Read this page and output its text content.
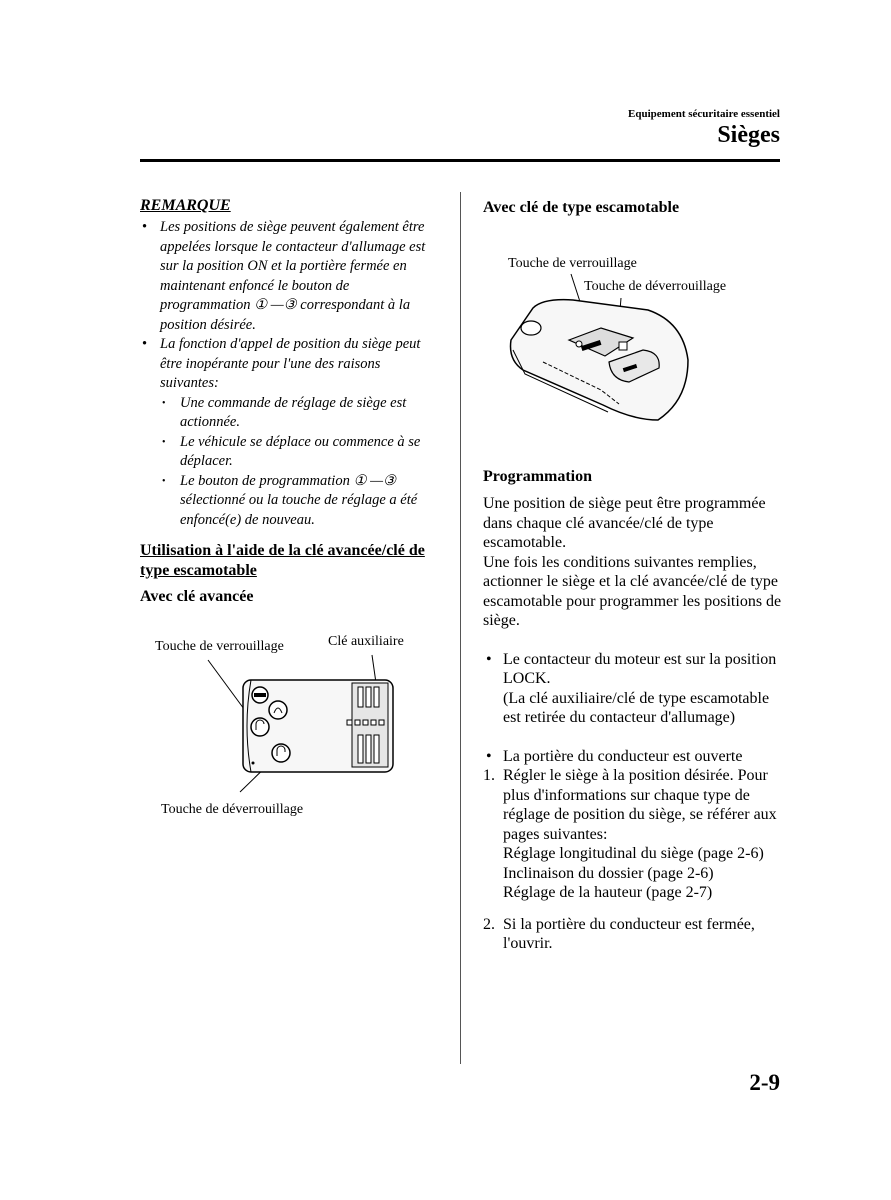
Equipement sécuritaire essentiel
Sièges
REMARQUE
• Les positions de siège peuvent également être appelées lorsque le contacteur d'allumage est sur la position ON et la portière fermée en maintenant enfoncé le bouton de programmation ① —③ correspondant à la position désirée.
• La fonction d'appel de position du siège peut être inopérante pour l'une des raisons suivantes:
• Une commande de réglage de siège est actionnée.
• Le véhicule se déplace ou commence à se déplacer.
• Le bouton de programmation ① —③ sélectionné ou la touche de réglage a été enfoncé(e) de nouveau.
Utilisation à l'aide de la clé avancée/clé de type escamotable
Avec clé avancée
Touche de verrouillage	Clé auxiliaire
Touche de déverrouillage
Avec clé de type escamotable
Touche de verrouillage
Touche de déverrouillage
Programmation

Une position de siège peut être programmée dans chaque clé avancée/clé de type escamotable.
Une fois les conditions suivantes remplies, actionner le siège et la clé avancée/clé de type escamotable pour programmer les positions de siège.

• Le contacteur du moteur est sur la position LOCK.
(La clé auxiliaire/clé de type escamotable est retirée du contacteur d'allumage)

• La portière du conducteur est ouverte

1. Régler le siège à la position désirée. Pour plus d'informations sur chaque type de réglage de position du siège, se référer aux pages suivantes:
Réglage longitudinal du siège (page 2-6)
Inclinaison du dossier (page 2-6)
Réglage de la hauteur (page 2-7)
2. Si la portière du conducteur est fermée, l'ouvrir.
2-9
